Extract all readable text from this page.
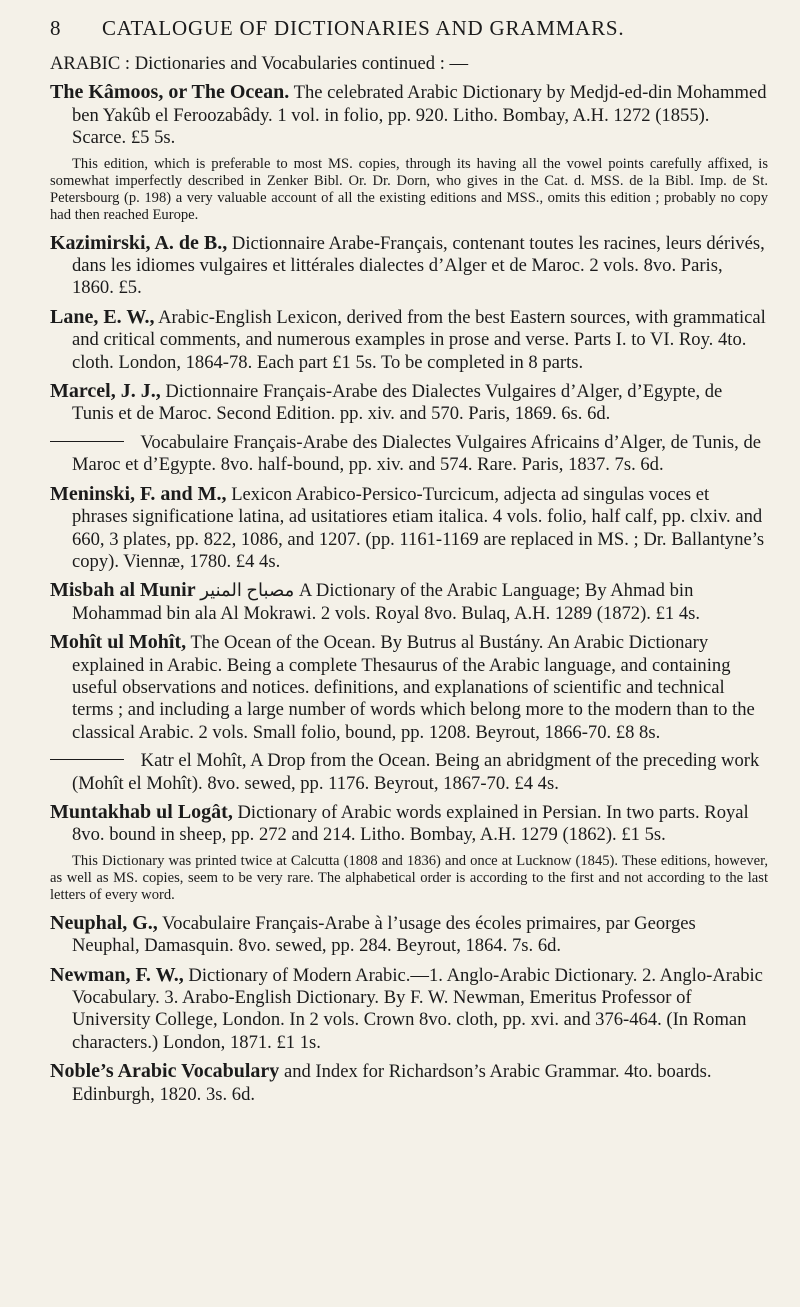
8	CATALOGUE OF DICTIONARIES AND GRAMMARS.
ARABIC : Dictionaries and Vocabularies continued : —
The Kâmoos, or The Ocean. The celebrated Arabic Dictionary by Medjd-ed-din Mohammed ben Yakûb el Feroozabâdy. 1 vol. in folio, pp. 920. Litho. Bombay, A.H. 1272 (1855). Scarce. £5 5s.
This edition, which is preferable to most MS. copies, through its having all the vowel points carefully affixed, is somewhat imperfectly described in Zenker Bibl. Or. Dr. Dorn, who gives in the Cat. d. MSS. de la Bibl. Imp. de St. Petersbourg (p. 198) a very valuable account of all the existing editions and MSS., omits this edition ; probably no copy had then reached Europe.
Kazimirski, A. de B., Dictionnaire Arabe-Français, contenant toutes les racines, leurs dérivés, dans les idiomes vulgaires et littérales dialectes d’Alger et de Maroc. 2 vols. 8vo. Paris, 1860. £5.
Lane, E. W., Arabic-English Lexicon, derived from the best Eastern sources, with grammatical and critical comments, and numerous examples in prose and verse. Parts I. to VI. Roy. 4to. cloth. London, 1864-78. Each part £1 5s. To be completed in 8 parts.
Marcel, J. J., Dictionnaire Français-Arabe des Dialectes Vulgaires d’Alger, d’Egypte, de Tunis et de Maroc. Second Edition. pp. xiv. and 570. Paris, 1869. 6s. 6d.
Vocabulaire Français-Arabe des Dialectes Vulgaires Africains d’Alger, de Tunis, de Maroc et d’Egypte. 8vo. half-bound, pp. xiv. and 574. Rare. Paris, 1837. 7s. 6d.
Meninski, F. and M., Lexicon Arabico-Persico-Turcicum, adjecta ad singulas voces et phrases significatione latina, ad usitatiores etiam italica. 4 vols. folio, half calf, pp. clxiv. and 660, 3 plates, pp. 822, 1086, and 1207. (pp. 1161-1169 are replaced in MS. ; Dr. Ballantyne’s copy). Viennæ, 1780. £4 4s.
Misbah al Munir مصباح المنير A Dictionary of the Arabic Language; By Ahmad bin Mohammad bin ala Al Mokrawi. 2 vols. Royal 8vo. Bulaq, A.H. 1289 (1872). £1 4s.
Mohît ul Mohît, The Ocean of the Ocean. By Butrus al Bustány. An Arabic Dictionary explained in Arabic. Being a complete Thesaurus of the Arabic language, and containing useful observations and notices. definitions, and explanations of scientific and technical terms ; and including a large number of words which belong more to the modern than to the classical Arabic. 2 vols. Small folio, bound, pp. 1208. Beyrout, 1866-70. £8 8s.
Katr el Mohît, A Drop from the Ocean. Being an abridgment of the preceding work (Mohît el Mohît). 8vo. sewed, pp. 1176. Beyrout, 1867-70. £4 4s.
Muntakhab ul Logât, Dictionary of Arabic words explained in Persian. In two parts. Royal 8vo. bound in sheep, pp. 272 and 214. Litho. Bombay, A.H. 1279 (1862). £1 5s.
This Dictionary was printed twice at Calcutta (1808 and 1836) and once at Lucknow (1845). These editions, however, as well as MS. copies, seem to be very rare. The alphabetical order is according to the first and not according to the last letters of every word.
Neuphal, G., Vocabulaire Français-Arabe à l’usage des écoles primaires, par Georges Neuphal, Damasquin. 8vo. sewed, pp. 284. Beyrout, 1864. 7s. 6d.
Newman, F. W., Dictionary of Modern Arabic.—1. Anglo-Arabic Dictionary. 2. Anglo-Arabic Vocabulary. 3. Arabo-English Dictionary. By F. W. Newman, Emeritus Professor of University College, London. In 2 vols. Crown 8vo. cloth, pp. xvi. and 376-464. (In Roman characters.) London, 1871. £1 1s.
Noble’s Arabic Vocabulary and Index for Richardson’s Arabic Grammar. 4to. boards. Edinburgh, 1820. 3s. 6d.
